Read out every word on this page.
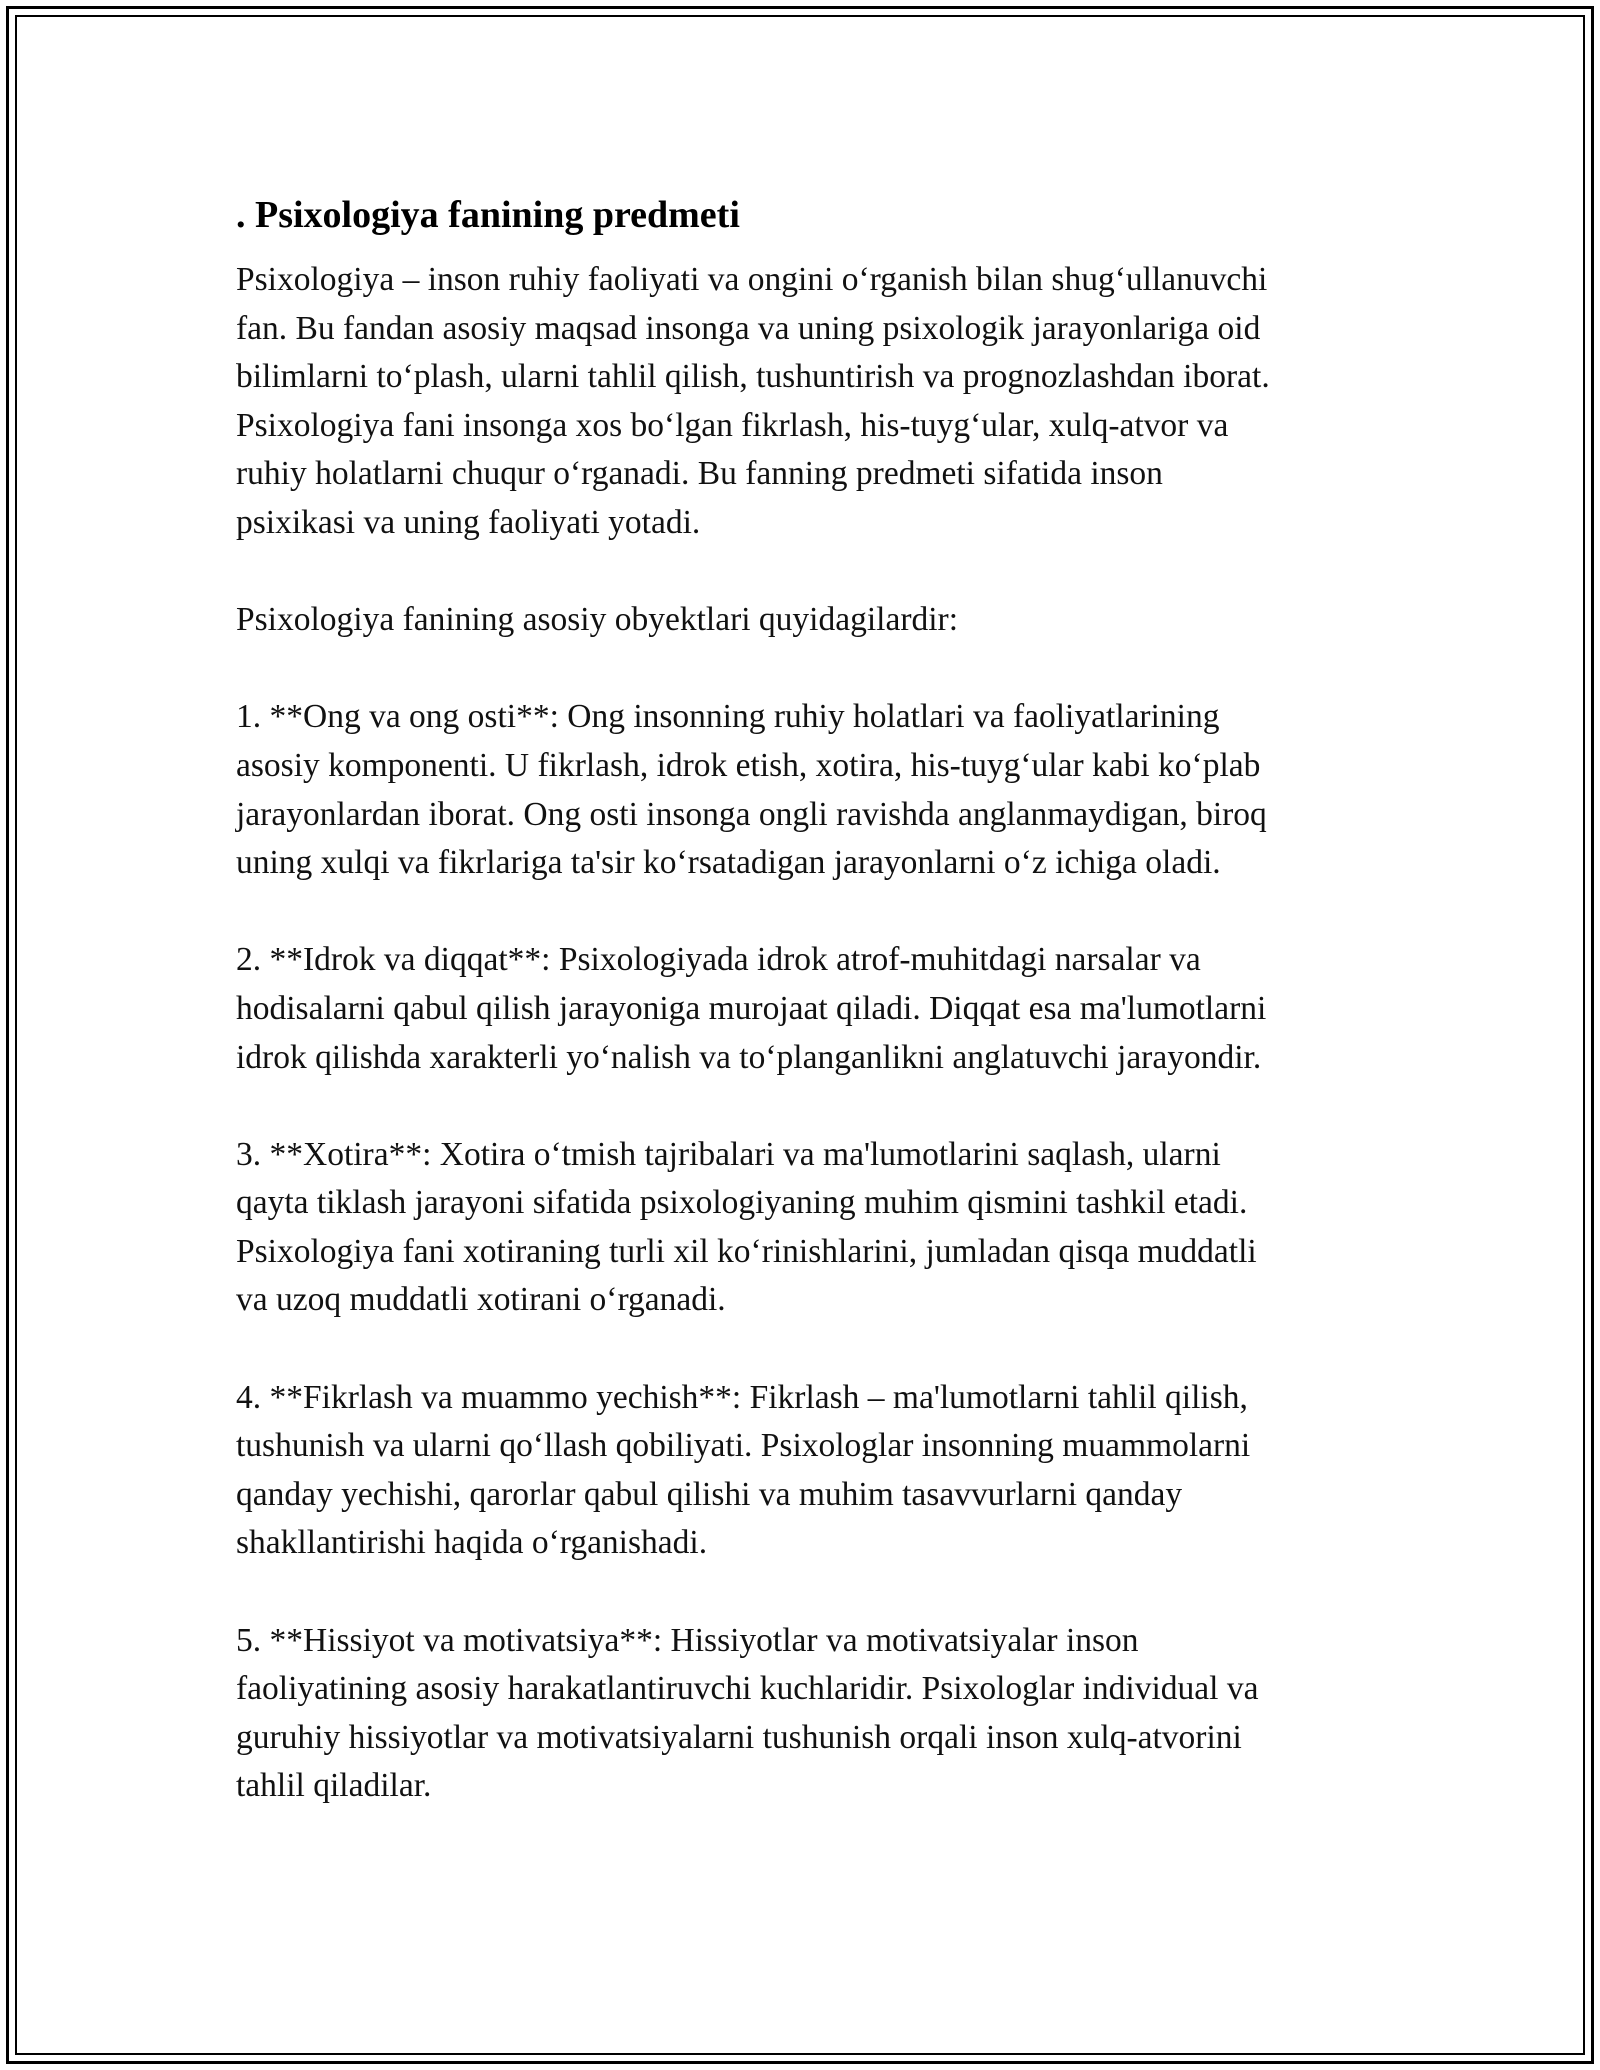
. Psixologiya fanining predmeti

Psixologiya – inson ruhiy faoliyati va ongini oʻrganish bilan shugʻullanuvchi
fan. Bu fandan asosiy maqsad insonga va uning psixologik jarayonlariga oid
bilimlarni toʻplash, ularni tahlil qilish, tushuntirish va prognozlashdan iborat.
Psixologiya fani insonga xos boʻlgan fikrlash, his-tuygʻular, xulq-atvor va
ruhiy holatlarni chuqur oʻrganadi. Bu fanning predmeti sifatida inson
psixikasi va uning faoliyati yotadi.

Psixologiya fanining asosiy obyektlari quyidagilardir:

1. **Ong va ong osti**: Ong insonning ruhiy holatlari va faoliyatlarining
asosiy komponenti. U fikrlash, idrok etish, xotira, his-tuygʻular kabi koʻplab
jarayonlardan iborat. Ong osti insonga ongli ravishda anglanmaydigan, biroq
uning xulqi va fikrlariga ta'sir koʻrsatadigan jarayonlarni oʻz ichiga oladi.

2. **Idrok va diqqat**: Psixologiyada idrok atrof-muhitdagi narsalar va
hodisalarni qabul qilish jarayoniga murojaat qiladi. Diqqat esa ma'lumotlarni
idrok qilishda xarakterli yoʻnalish va toʻplanganlikni anglatuvchi jarayondir.

3. **Xotira**: Xotira oʻtmish tajribalari va ma'lumotlarini saqlash, ularni
qayta tiklash jarayoni sifatida psixologiyaning muhim qismini tashkil etadi.
Psixologiya fani xotiraning turli xil koʻrinishlarini, jumladan qisqa muddatli
va uzoq muddatli xotirani oʻrganadi.

4. **Fikrlash va muammo yechish**: Fikrlash – ma'lumotlarni tahlil qilish,
tushunish va ularni qoʻllash qobiliyati. Psixologlar insonning muammolarni
qanday yechishi, qarorlar qabul qilishi va muhim tasavvurlarni qanday
shakllantirishi haqida oʻrganishadi.

5. **Hissiyot va motivatsiya**: Hissiyotlar va motivatsiyalar inson
faoliyatining asosiy harakatlantiruvchi kuchlaridir. Psixologlar individual va
guruhiy hissiyotlar va motivatsiyalarni tushunish orqali inson xulq-atvorini
tahlil qiladilar.
